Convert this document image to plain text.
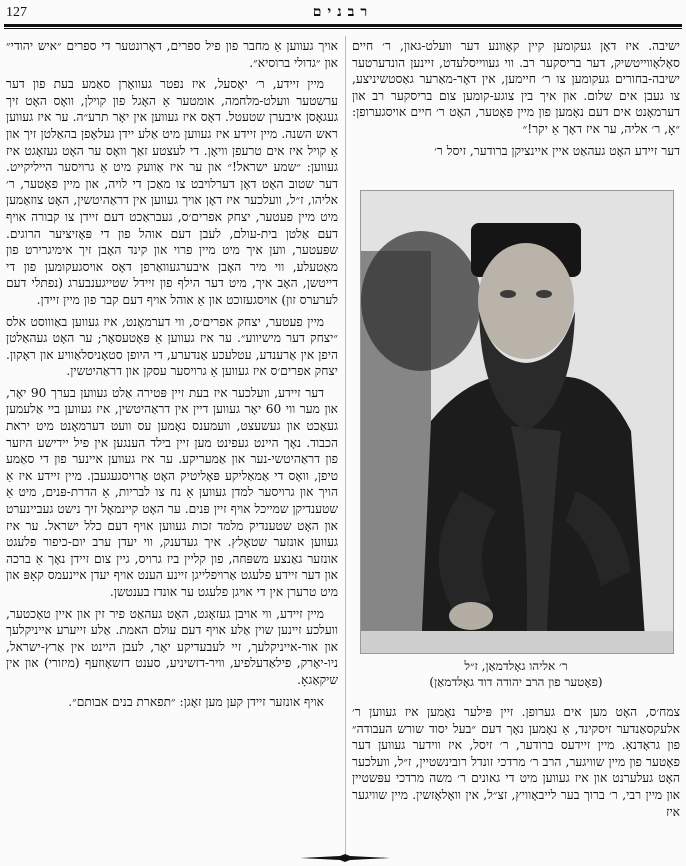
127	רבנים

ישיבה. איז דאָן געקומען קיין קאָוונע דער וועלט-גאון, ר׳ חיים סאָלאָווייטשיק, דער בריסקער רב. ווי געווייסלעדט, זיינען הונדערטער ישיבה-בחורים געקומען צו ר׳ חיימען, אין דאָר-מאַרער גאַסטשיניצע, צו געבן אים שלום. און איך בין צוגע-קומען צום בריסקער רב און דערמאָנט אים דעם נאָמען פון מיין פאָטער, האָט ר׳ חיים אויסגערופן: ״אָ, ר׳ אליה, ער איז דאָך אַ יקר!״

דער זיידע האָט געהאַט איין איינציקן ברודער, זיסל ר׳

ר׳ אליהו גאָלדמאַן, ז״ל
(פאָטער פון הרב יהודה דוד גאָלדמאַן)

צמח׳ס, האָט מען אים גערופן. זיין פּילער נאָמען איז געווען ר׳ אלעקסאַנדער זיסקינד, אַ נאָמען נאָך דעם ״בעל יסוד שורש העבודה״ פון גראָדנאַ. מיין זיידעס ברודער, ר׳ זיסל, איז ווידער געווען דער פאָטער פון מיין שוויגער, הרב ר׳ מרדכי זונדל רובינשטיין, ז״ל, וועלכער האָט געלערנט און איז געווען מיט די גאונים ר׳ משה מרדכי עפּשטיין און מיין רבי, ר׳ ברוך בער לייבאָוויץ, זצ״ל, אין וואָלאָזשין. מיין שוויגער איז

אויך געווען אַ מחבר פון פיל ספרים, דאָרונטער די ספרים ״איש יהודי״ און ״גדולי ברוסיא״.

מיין זיידע, ר׳ יאָסעל, איז נפטר געוואָרן סאַמע בעת פון דער ערשטער וועלט-מלחמה, אומטער אַ האָגל פון קוילן, וואָס האָט זיך געגאָסן איבערן שטעטל. דאָס איז געווען אין יאָר תרע״ה. ער איז געווען ראש השנה. מיין זיידע איז געווען מיט אַלע יידן געלאָפן בהאַלטן זיך און אַ קויל איז אים טרעפן וויאָן. די לעצטע זאַך וואָס ער האָט געזאָגט איז געווען: ״שמע ישראל!״ און ער איז אַוועק מיט אַ גרויסער הייליקייט. דער שטוב האָט דאָן דערלויבט צו מאַכן די לויה, און מיין פאָטער, ר׳ אליהו, ז״ל, וועלכער איז דאָן אויך געווען אין דראַהיטשין, האָט צוזאַמען מיט מיין פעטער, יצחק אפרים׳ס, געבראַכט דעם זיידן צו קבורה אויף דעם אַלטן בית-עולם, לעבן דעם אוהל פון די פּאָזיציער הרוגים. שפּעטער, ווען איך מיט מיין פרוי און קינד האָבן זיך אימיגרירט פון מאַטעלע, ווי מיר האָבן איבערגעוואַרפן דאָס אויסגעקומען פון די דייטשן, האָב איך, מיט דער הילף פון זיידל שטייגענבערג (נפתלי דעם לערערס זון) אויסגעזוכט און אַ אוהל אויף דעם קבר פון מיין זיידן.

מיין פעטער, יצחק אפרים׳ס, ווי דערמאָנט, איז געווען באַוווסט אלס ״יצחק דער מישיווע״. ער איז געווען אַ פּאָטעסאָר; ער האָט געהאַלטן היפן אין אַרענדע, עטלעכע אַנדערע, די היופן סטאָניסלאַוויע און ראָקון. יצחק אפרים׳ס איז געווען אַ גרויסער עסקן און דראַהיטשין.

דער זיידע, וועלכער איז בעת זיין פּטירה אַלט געווען בערך 90 יאָר, און מער ווי 60 יאָר געווען דיין אין דראַהיטשין, איז געווען ביי אַלעמען געאַכט און געשעצט, וועמענס נאָמען עס וועט דערמאָנט מיט יראת הכבוד. נאָך היינט געפינט מען זיין בילד הענגען אין פיל יידישע היזער פון דראַהיטשי-נער און אַמעריקע. ער איז געווען איינער פון די סאַמע טיפן, וואָס די אַמאַליקע פּאָליטיק האָט אַרויסגעגעבן. מיין זיידע איז אַ הויך און גרויסער למדן געווען אַ נח צו לבריות, אַ הדרת-פּנים, מיט אַ שטענדיקן שמייכל אויף זיין פּנים. ער האָט קיינמאָל זיך נישט געביינערט און האָט שטענדיק מלמד זכות געווען אויף דעם כלל ישראל. ער איז געווען אונזער שטאָלץ. איך געדענק, ווי יעדן ערב יום-כיפור פלעגט אונזער גאַנצע משפּחה, פון קליין ביז גרויס, גיין צום זיידן נאָך אַ ברכה און דער זיידע פלעגט אַרויפלייגן זיינע הענט אויף יעדן איינעמס קאָפּ און מיט טרערן אין די אויגן פלעגט ער אונדז בענטשן.

מיין זיידע, ווי אויבן געזאָגט, האָט געהאַט פיר זין און איין טאָכטער, וועלכע זיינען שוין אַלע אויף דעם עולם האמת. אַלע זייערע אייניקלעך און אור-אייניקלעך, זיי לעבעדיקע יאָר, לעבן היינט אין אַרץ-ישראל, ניו-יאָרק, פילאַדעלפיע, וויר-דזשיניע, סענט דזשאָוזעף (מיזורי) און אין שיקאַגאָ.

אויף אונזער זיידן קען מען זאָגן: ״תפארת בנים אבותם״.
